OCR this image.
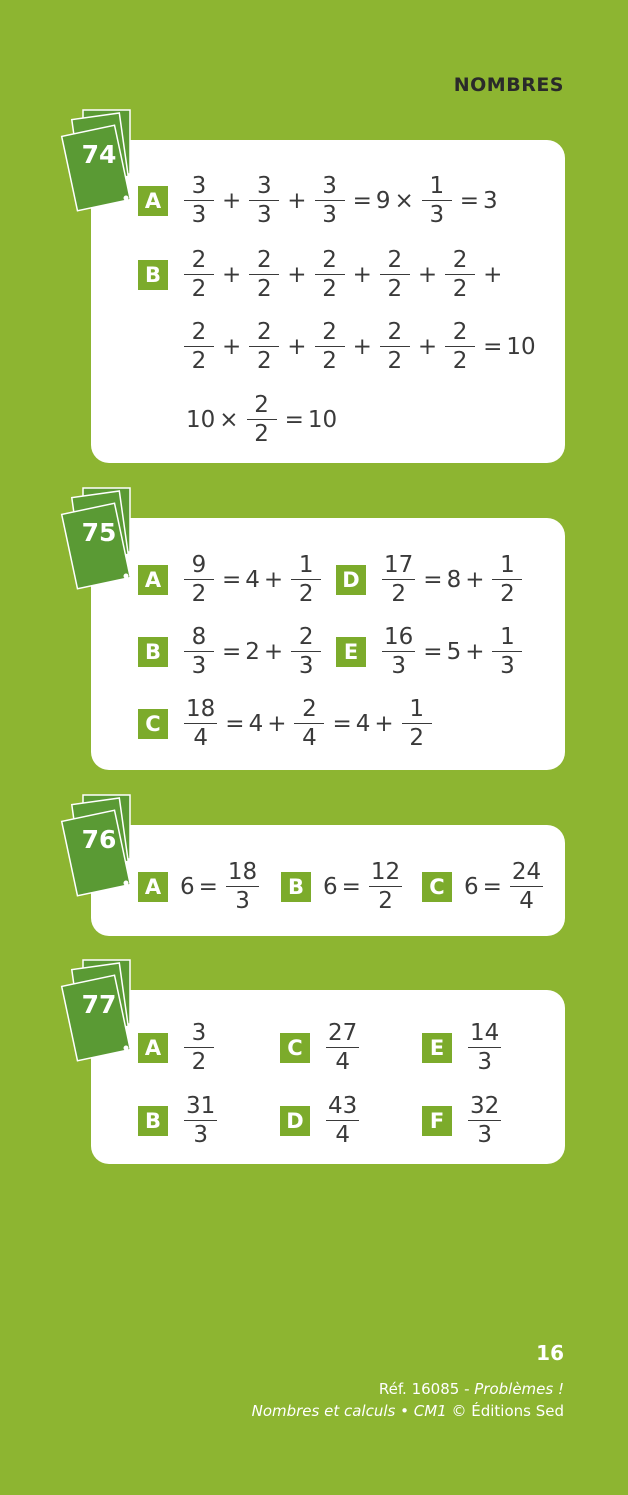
NOMBRES
74
A $\frac{3}{3} + \frac{3}{3} + \frac{3}{3} = 9 \times \frac{1}{3} = 3$
B	$\frac{2}{2} + \frac{2}{2} + \frac{2}{2} + \frac{2}{2} + \frac{2}{2}$ +
$\frac{2}{2} + \frac{2}{2} + \frac{2}{2} + \frac{2}{2} + \frac{2}{2} = 10$
$10 \times \frac{2}{2} = 10$
75
A $\frac{9}{2} = 4 + \frac{1}{2}$ D $\frac{17}{2} = 8 + \frac{1}{2}$
B	$\frac{8}{3} = 2 + \frac{2}{3}$	E	$\frac{16}{3} = 5 + \frac{1}{3}$
C	$\frac{18}{4} = 4 + \frac{2}{4} = 4 + \frac{1}{2}$
76
A $6 = \frac{18}{3}$	B $6 = \frac{12}{2}$	C $6 = \frac{24}{4}$
77
A $\frac{3}{2}$	C	$\frac{27}{4}$	E	$\frac{14}{3}$
B	$\frac{31}{3}$	D $\frac{43}{4}$	F	$\frac{32}{3}$
16
Réf. 16085 - Problèmes !
Nombres et calculs • CM1 © Éditions Sed
